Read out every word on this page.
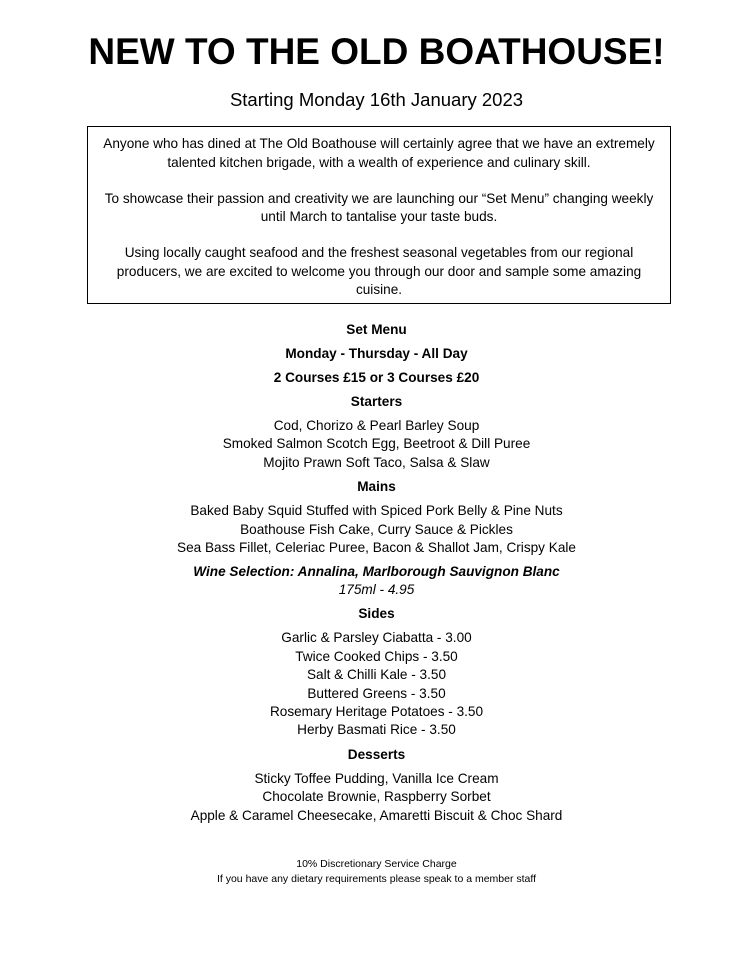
NEW TO THE OLD BOATHOUSE!
Starting Monday 16th January 2023

Anyone who has dined at The Old Boathouse will certainly agree that we have an extremely talented kitchen brigade, with a wealth of experience and culinary skill.

To showcase their passion and creativity we are launching our “Set Menu” changing weekly until March to tantalise your taste buds.

Using locally caught seafood and the freshest seasonal vegetables from our regional producers, we are excited to welcome you through our door and sample some amazing cuisine.

Set Menu
Monday - Thursday - All Day
2 Courses £15 or 3 Courses £20
Starters
Cod, Chorizo & Pearl Barley Soup
Smoked Salmon Scotch Egg, Beetroot & Dill Puree
Mojito Prawn Soft Taco, Salsa & Slaw
Mains
Baked Baby Squid Stuffed with Spiced Pork Belly & Pine Nuts
Boathouse Fish Cake, Curry Sauce & Pickles
Sea Bass Fillet, Celeriac Puree, Bacon & Shallot Jam, Crispy Kale
Wine Selection: Annalina, Marlborough Sauvignon Blanc
175ml - 4.95
Sides
Garlic & Parsley Ciabatta - 3.00
Twice Cooked Chips - 3.50
Salt & Chilli Kale - 3.50
Buttered Greens - 3.50
Rosemary Heritage Potatoes - 3.50
Herby Basmati Rice - 3.50
Desserts
Sticky Toffee Pudding, Vanilla Ice Cream
Chocolate Brownie, Raspberry Sorbet
Apple & Caramel Cheesecake, Amaretti Biscuit & Choc Shard
10% Discretionary Service Charge
If you have any dietary requirements please speak to a member staff
